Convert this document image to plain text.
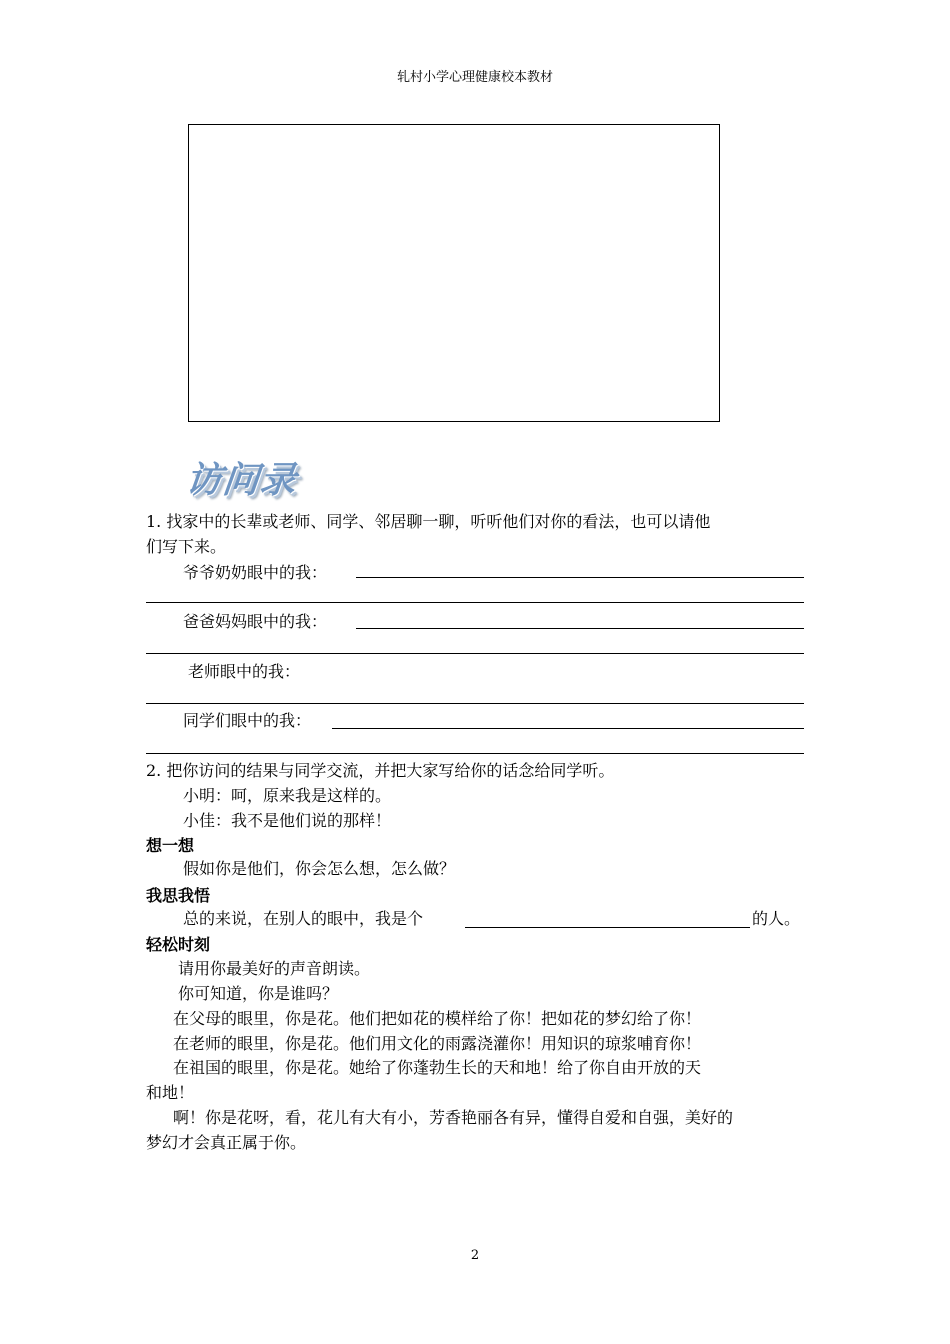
轧村小学心理健康校本教材
访问录
1. 找家中的长辈或老师、同学、邻居聊一聊，听听他们对你的看法，也可以请他
们写下来。
爷爷奶奶眼中的我：
爸爸妈妈眼中的我：
老师眼中的我：
同学们眼中的我：
2. 把你访问的结果与同学交流，并把大家写给你的话念给同学听。
小明：呵，原来我是这样的。
小佳：我不是他们说的那样！
想一想
假如你是他们，你会怎么想，怎么做？
我思我悟
总的来说，在别人的眼中，我是个	的人。
轻松时刻
请用你最美好的声音朗读。
你可知道，你是谁吗？
在父母的眼里，你是花。他们把如花的模样给了你！把如花的梦幻给了你！
在老师的眼里，你是花。他们用文化的雨露浇灌你！用知识的琼浆哺育你！
在祖国的眼里，你是花。她给了你蓬勃生长的天和地！给了你自由开放的天
和地！
啊！你是花呀，看，花儿有大有小，芳香艳丽各有异，懂得自爱和自强，美好的
梦幻才会真正属于你。
2
